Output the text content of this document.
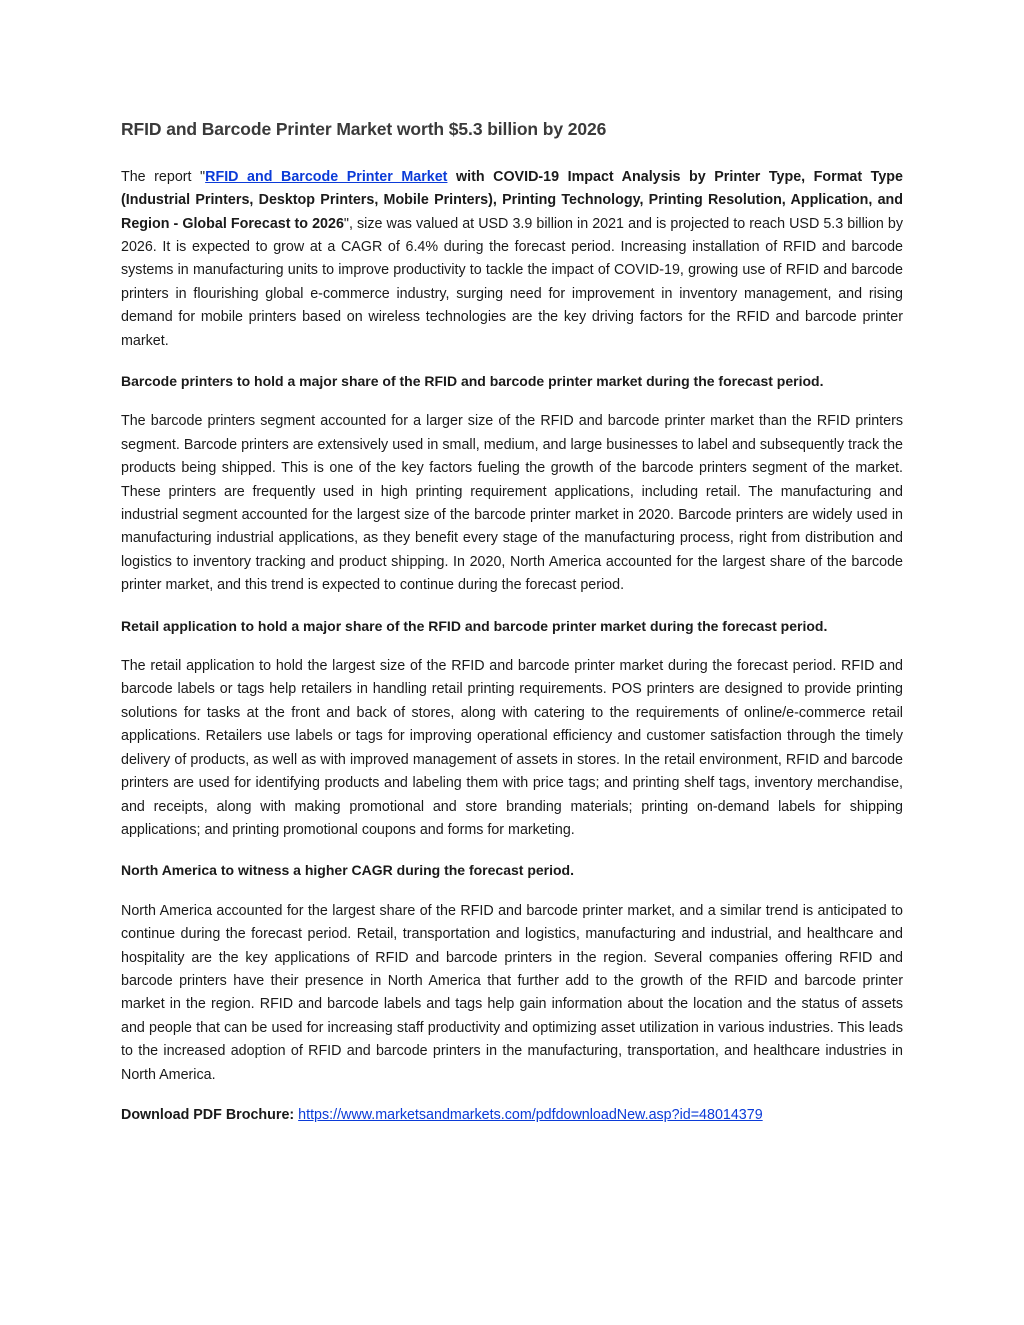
RFID and Barcode Printer Market worth $5.3 billion by 2026

The report "RFID and Barcode Printer Market with COVID-19 Impact Analysis by Printer Type, Format Type (Industrial Printers, Desktop Printers, Mobile Printers), Printing Technology, Printing Resolution, Application, and Region - Global Forecast to 2026", size was valued at USD 3.9 billion in 2021 and is projected to reach USD 5.3 billion by 2026. It is expected to grow at a CAGR of 6.4% during the forecast period. Increasing installation of RFID and barcode systems in manufacturing units to improve productivity to tackle the impact of COVID-19, growing use of RFID and barcode printers in flourishing global e-commerce industry, surging need for improvement in inventory management, and rising demand for mobile printers based on wireless technologies are the key driving factors for the RFID and barcode printer market.

Barcode printers to hold a major share of the RFID and barcode printer market during the forecast period.

The barcode printers segment accounted for a larger size of the RFID and barcode printer market than the RFID printers segment. Barcode printers are extensively used in small, medium, and large businesses to label and subsequently track the products being shipped. This is one of the key factors fueling the growth of the barcode printers segment of the market. These printers are frequently used in high printing requirement applications, including retail. The manufacturing and industrial segment accounted for the largest size of the barcode printer market in 2020. Barcode printers are widely used in manufacturing industrial applications, as they benefit every stage of the manufacturing process, right from distribution and logistics to inventory tracking and product shipping. In 2020, North America accounted for the largest share of the barcode printer market, and this trend is expected to continue during the forecast period.

Retail application to hold a major share of the RFID and barcode printer market during the forecast period.

The retail application to hold the largest size of the RFID and barcode printer market during the forecast period. RFID and barcode labels or tags help retailers in handling retail printing requirements. POS printers are designed to provide printing solutions for tasks at the front and back of stores, along with catering to the requirements of online/e-commerce retail applications. Retailers use labels or tags for improving operational efficiency and customer satisfaction through the timely delivery of products, as well as with improved management of assets in stores. In the retail environment, RFID and barcode printers are used for identifying products and labeling them with price tags; and printing shelf tags, inventory merchandise, and receipts, along with making promotional and store branding materials; printing on-demand labels for shipping applications; and printing promotional coupons and forms for marketing.

North America to witness a higher CAGR during the forecast period.

North America accounted for the largest share of the RFID and barcode printer market, and a similar trend is anticipated to continue during the forecast period. Retail, transportation and logistics, manufacturing and industrial, and healthcare and hospitality are the key applications of RFID and barcode printers in the region. Several companies offering RFID and barcode printers have their presence in North America that further add to the growth of the RFID and barcode printer market in the region. RFID and barcode labels and tags help gain information about the location and the status of assets and people that can be used for increasing staff productivity and optimizing asset utilization in various industries. This leads to the increased adoption of RFID and barcode printers in the manufacturing, transportation, and healthcare industries in North America.

Download PDF Brochure: https://www.marketsandmarkets.com/pdfdownloadNew.asp?id=48014379
